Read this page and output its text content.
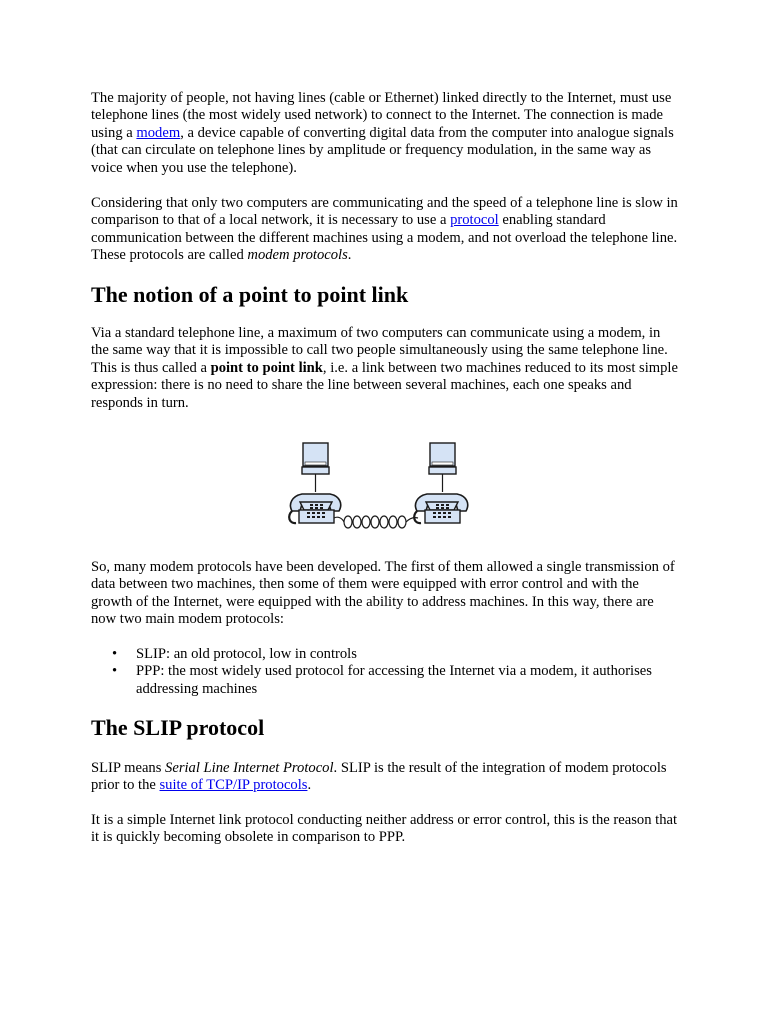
The majority of people, not having lines (cable or Ethernet) linked directly to the Internet, must use telephone lines (the most widely used network) to connect to the Internet. The connection is made using a modem, a device capable of converting digital data from the computer into analogue signals (that can circulate on telephone lines by amplitude or frequency modulation, in the same way as voice when you use the telephone).

Considering that only two computers are communicating and the speed of a telephone line is slow in comparison to that of a local network, it is necessary to use a protocol enabling standard communication between the different machines using a modem, and not overload the telephone line. These protocols are called modem protocols.

The notion of a point to point link

Via a standard telephone line, a maximum of two computers can communicate using a modem, in the same way that it is impossible to call two people simultaneously using the same telephone line. This is thus called a point to point link, i.e. a link between two machines reduced to its most simple expression: there is no need to share the line between several machines, each one speaks and responds in turn.

So, many modem protocols have been developed. The first of them allowed a single transmission of data between two machines, then some of them were equipped with error control and with the growth of the Internet, were equipped with the ability to address machines. In this way, there are now two main modem protocols:

• SLIP: an old protocol, low in controls
• PPP: the most widely used protocol for accessing the Internet via a modem, it authorises addressing machines
The SLIP protocol

SLIP means Serial Line Internet Protocol. SLIP is the result of the integration of modem protocols prior to the suite of TCP/IP protocols.

It is a simple Internet link protocol conducting neither address or error control, this is the reason that it is quickly becoming obsolete in comparison to PPP.
